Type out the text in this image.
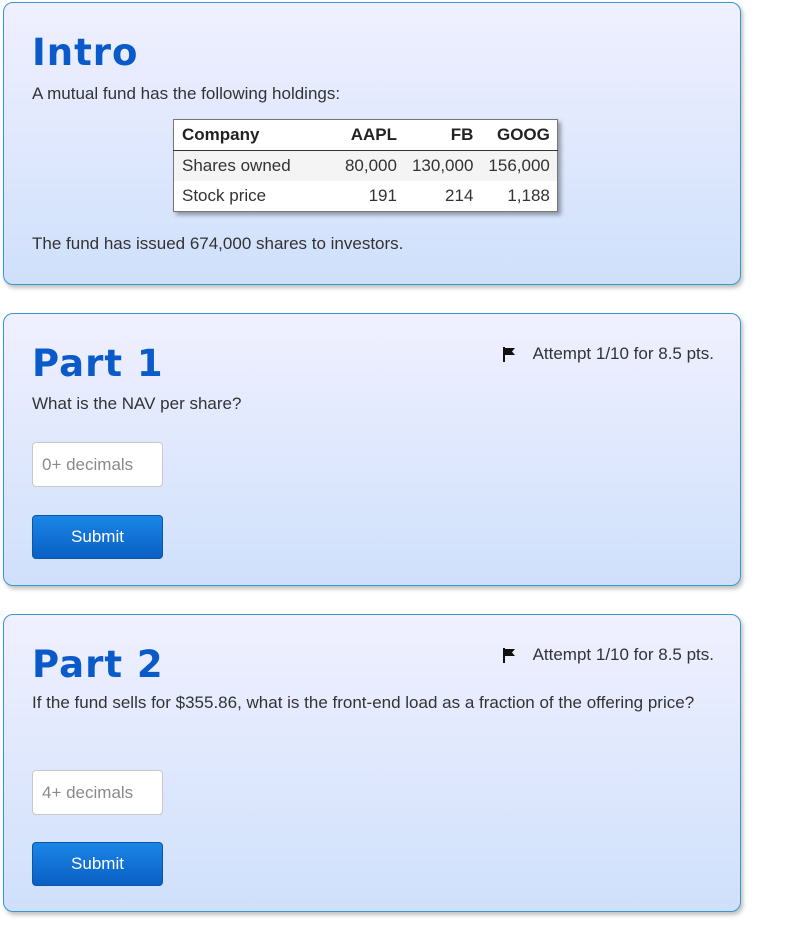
Intro

A mutual fund has the following holdings:

Company	AAPL	FB	GOOG
Shares owned	80,000	130,000	156,000
Stock price	191	214	1,188

The fund has issued 674,000 shares to investors.

Attempt 1/10 for 8.5 pts.
Part 1

What is the NAV per share?

0+ decimals
Submit
Attempt 1/10 for 8.5 pts.
Part 2

If the fund sells for $355.86, what is the front-end load as a fraction of the offering price?

4+ decimals
Submit
